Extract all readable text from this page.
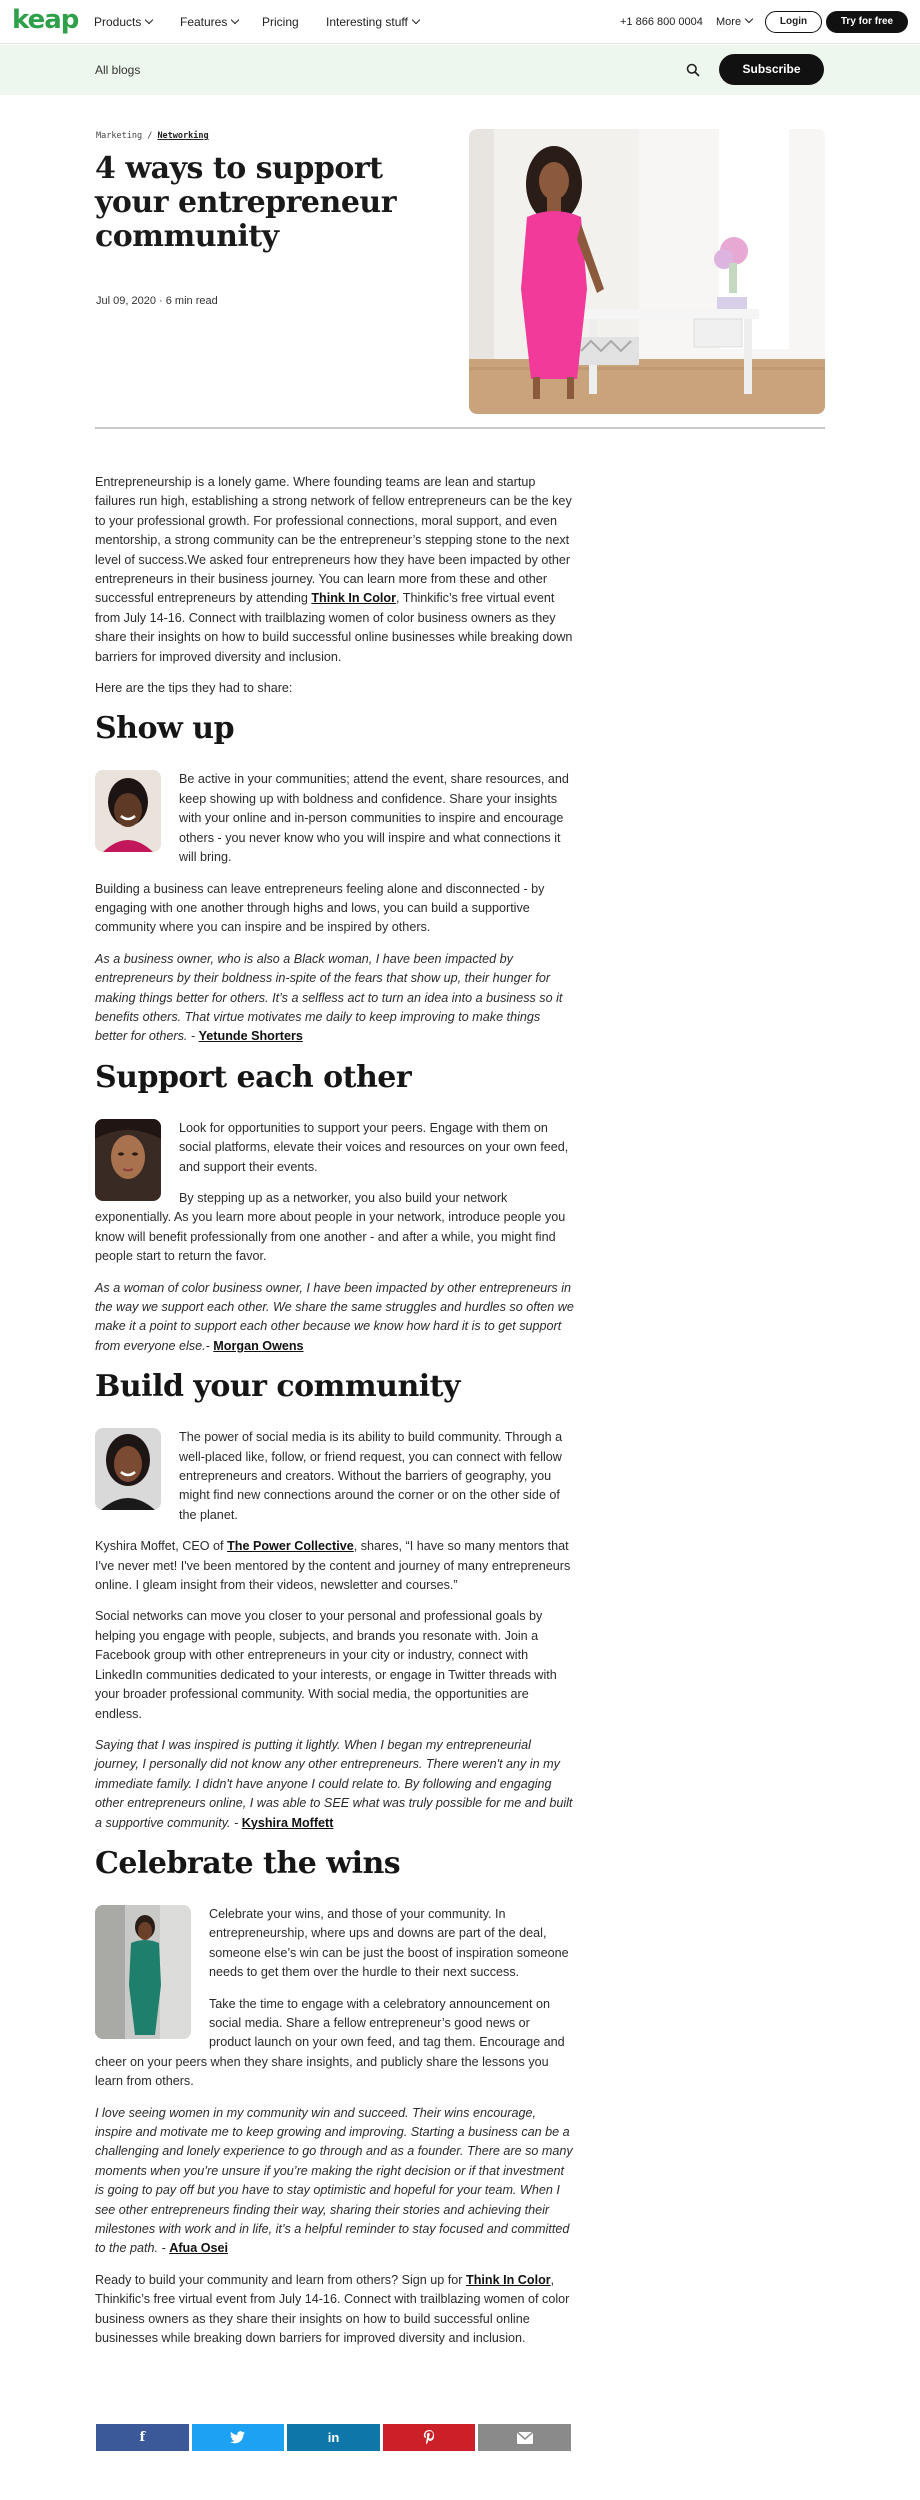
keap Products	Features	Pricing Interesting stuff	+1 866 800 0004 More	Login	Try for free
All blogs	Subscribe
Marketing / Networking
4 ways to support your entrepreneur community
Jul 09, 2020 · 6 min read

Entrepreneurship is a lonely game. Where founding teams are lean and startup failures run high, establishing a strong network of fellow entrepreneurs can be the key to your professional growth. For professional connections, moral support, and even mentorship, a strong community can be the entrepreneur’s stepping stone to the next level of success.We asked four entrepreneurs how they have been impacted by other entrepreneurs in their business journey. You can learn more from these and other successful entrepreneurs by attending Think In Color, Thinkific’s free virtual event from July 14-16. Connect with trailblazing women of color business owners as they share their insights on how to build successful online businesses while breaking down barriers for improved diversity and inclusion.

Here are the tips they had to share:

Show up

Be active in your communities; attend the event, share resources, and keep showing up with boldness and confidence. Share your insights with your online and in-person communities to inspire and encourage others - you never know who you will inspire and what connections it will bring.

Building a business can leave entrepreneurs feeling alone and disconnected - by engaging with one another through highs and lows, you can build a supportive community where you can inspire and be inspired by others.

As a business owner, who is also a Black woman, I have been impacted by entrepreneurs by their boldness in-spite of the fears that show up, their hunger for making things better for others. It’s a selfless act to turn an idea into a business so it benefits others. That virtue motivates me daily to keep improving to make things better for others. - Yetunde Shorters

Support each other

Look for opportunities to support your peers. Engage with them on social platforms, elevate their voices and resources on your own feed, and support their events.

By stepping up as a networker, you also build your network exponentially. As you learn more about people in your network, introduce people you know will benefit professionally from one another - and after a while, you might find people start to return the favor.

As a woman of color business owner, I have been impacted by other entrepreneurs in the way we support each other. We share the same struggles and hurdles so often we make it a point to support each other because we know how hard it is to get support from everyone else.- Morgan Owens

Build your community

The power of social media is its ability to build community. Through a well-placed like, follow, or friend request, you can connect with fellow entrepreneurs and creators. Without the barriers of geography, you might find new connections around the corner or on the other side of the planet.

Kyshira Moffet, CEO of The Power Collective, shares, “I have so many mentors that I've never met! I've been mentored by the content and journey of many entrepreneurs online. I gleam insight from their videos, newsletter and courses.”

Social networks can move you closer to your personal and professional goals by helping you engage with people, subjects, and brands you resonate with. Join a Facebook group with other entrepreneurs in your city or industry, connect with LinkedIn communities dedicated to your interests, or engage in Twitter threads with your broader professional community. With social media, the opportunities are endless.

Saying that I was inspired is putting it lightly. When I began my entrepreneurial journey, I personally did not know any other entrepreneurs. There weren't any in my immediate family. I didn't have anyone I could relate to. By following and engaging other entrepreneurs online, I was able to SEE what was truly possible for me and built a supportive community. - Kyshira Moffett

Celebrate the wins

Celebrate your wins, and those of your community. In entrepreneurship, where ups and downs are part of the deal, someone else’s win can be just the boost of inspiration someone needs to get them over the hurdle to their next success.

Take the time to engage with a celebratory announcement on social media. Share a fellow entrepreneur’s good news or product launch on your own feed, and tag them. Encourage and cheer on your peers when they share insights, and publicly share the lessons you learn from others.

I love seeing women in my community win and succeed. Their wins encourage, inspire and motivate me to keep growing and improving. Starting a business can be a challenging and lonely experience to go through and as a founder. There are so many moments when you’re unsure if you’re making the right decision or if that investment is going to pay off but you have to stay optimistic and hopeful for your team. When I see other entrepreneurs finding their way, sharing their stories and achieving their milestones with work and in life, it’s a helpful reminder to stay focused and committed to the path. - Afua Osei

Ready to build your community and learn from others? Sign up for Think In Color, Thinkific’s free virtual event from July 14-16. Connect with trailblazing women of color business owners as they share their insights on how to build successful online businesses while breaking down barriers for improved diversity and inclusion.

f	in
